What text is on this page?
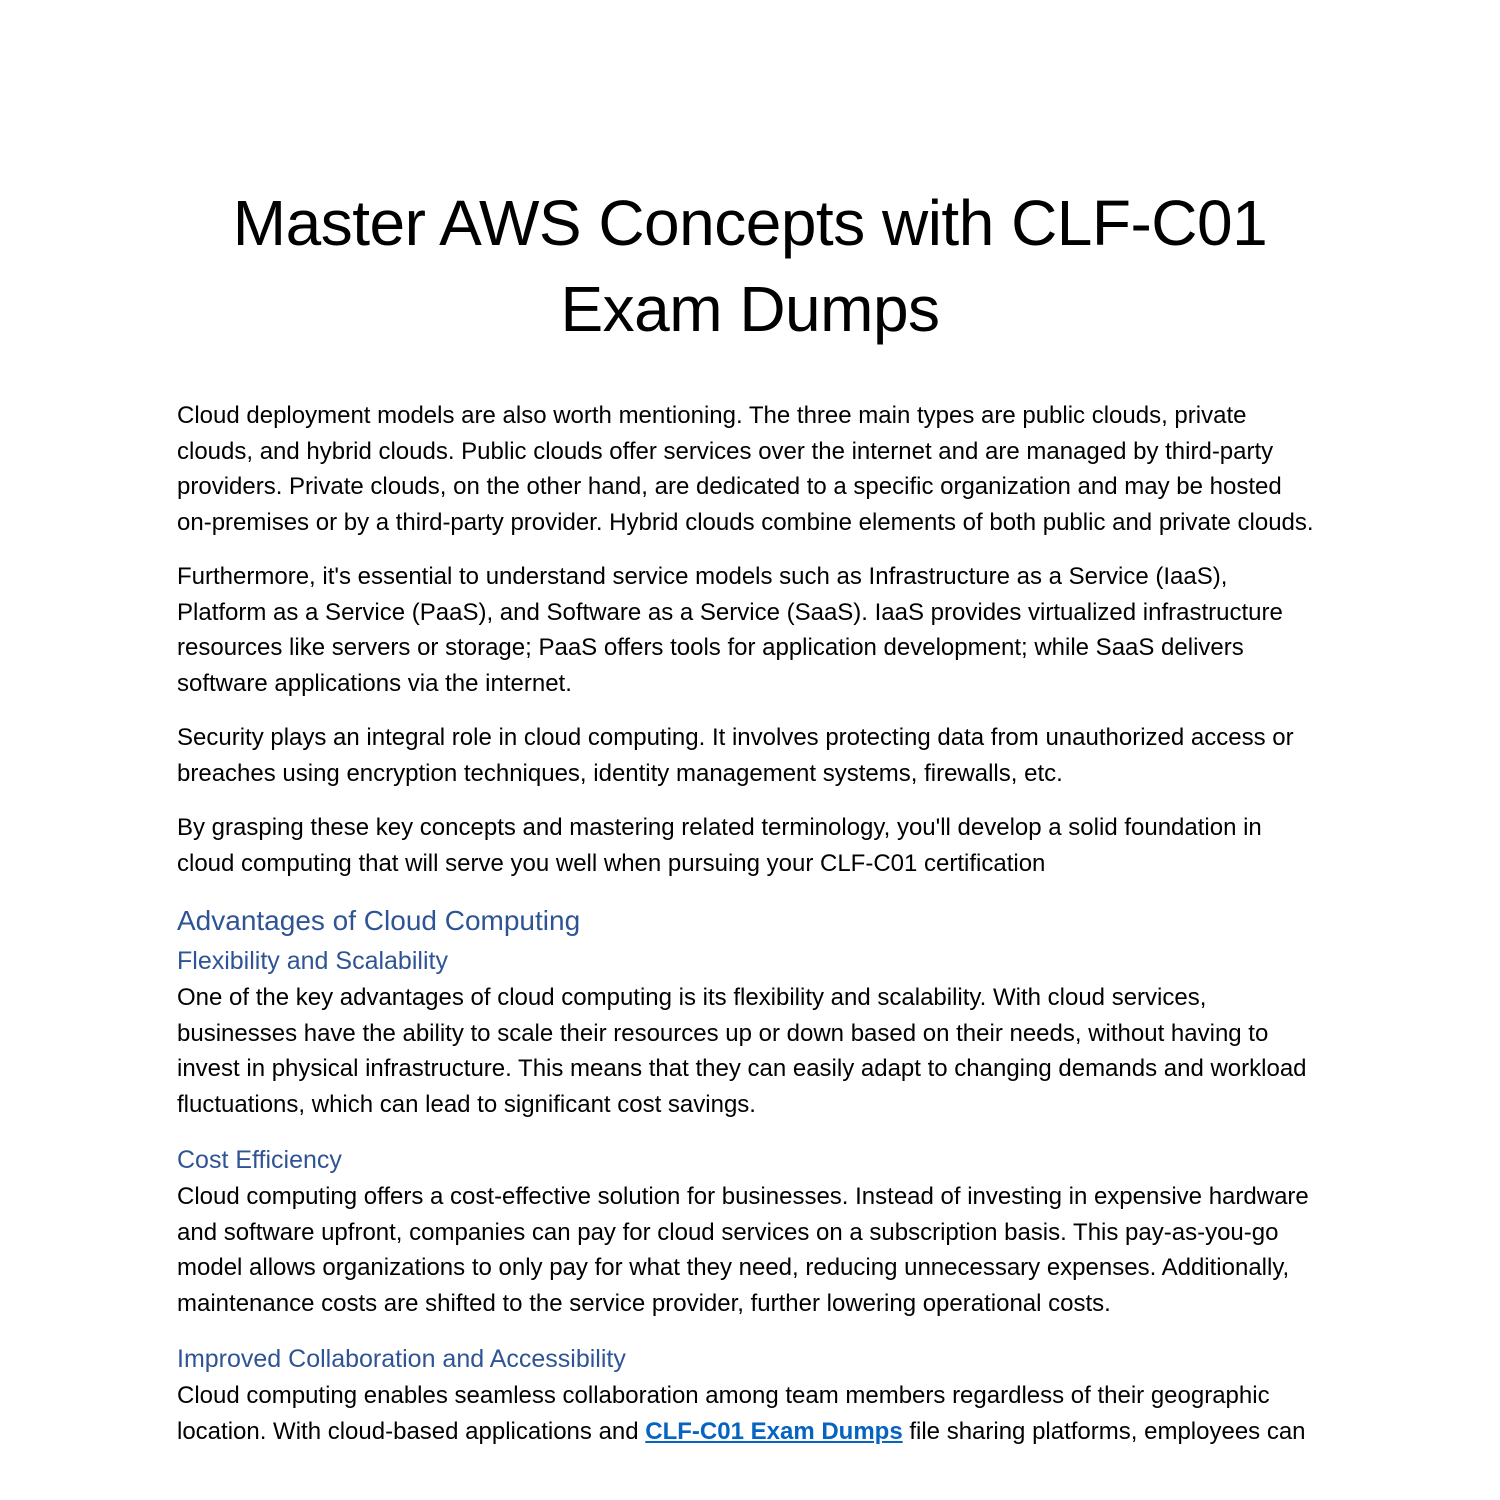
Master AWS Concepts with CLF-C01 Exam Dumps

Cloud deployment models are also worth mentioning. The three main types are public clouds, private clouds, and hybrid clouds. Public clouds offer services over the internet and are managed by third-party providers. Private clouds, on the other hand, are dedicated to a specific organization and may be hosted on-premises or by a third-party provider. Hybrid clouds combine elements of both public and private clouds.

Furthermore, it's essential to understand service models such as Infrastructure as a Service (IaaS), Platform as a Service (PaaS), and Software as a Service (SaaS). IaaS provides virtualized infrastructure resources like servers or storage; PaaS offers tools for application development; while SaaS delivers software applications via the internet.

Security plays an integral role in cloud computing. It involves protecting data from unauthorized access or breaches using encryption techniques, identity management systems, firewalls, etc.

By grasping these key concepts and mastering related terminology, you'll develop a solid foundation in cloud computing that will serve you well when pursuing your CLF-C01 certification

Advantages of Cloud Computing
Flexibility and Scalability

One of the key advantages of cloud computing is its flexibility and scalability. With cloud services, businesses have the ability to scale their resources up or down based on their needs, without having to invest in physical infrastructure. This means that they can easily adapt to changing demands and workload fluctuations, which can lead to significant cost savings.

Cost Efficiency

Cloud computing offers a cost-effective solution for businesses. Instead of investing in expensive hardware and software upfront, companies can pay for cloud services on a subscription basis. This pay-as-you-go model allows organizations to only pay for what they need, reducing unnecessary expenses. Additionally, maintenance costs are shifted to the service provider, further lowering operational costs.

Improved Collaboration and Accessibility

Cloud computing enables seamless collaboration among team members regardless of their geographic location. With cloud-based applications and CLF-C01 Exam Dumps file sharing platforms, employees can
